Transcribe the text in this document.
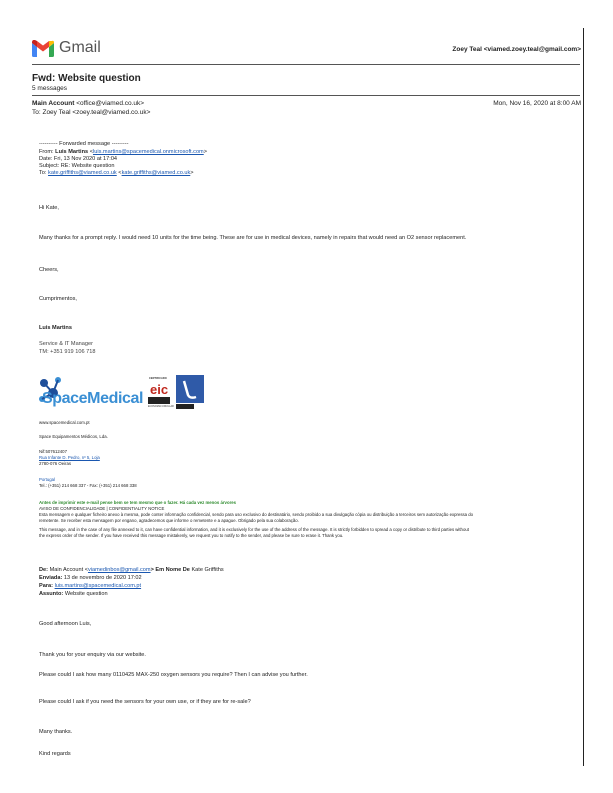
Gmail	Zoey Teal <viamed.zoey.teal@gmail.com>
Fwd: Website question
5 messages
Main Account <office@viamed.co.uk>	Mon, Nov 16, 2020 at 8:00 AM
To: Zoey Teal <zoey.teal@viamed.co.uk>
---------- Forwarded message ---------
From: Luis Martins <luis.martins@spacemedical.onmicrosoft.com>
Date: Fri, 13 Nov 2020 at 17:04
Subject: RE: Website question
To: kate.griffiths@viamed.co.uk <kate.griffiths@viamed.co.uk>
Hi Kate,
Many thanks for a prompt reply. I would need 10 units for the time being. These are for use in medical devices, namely in repairs that would need an O2 sensor replacement.
Cheers,
Cumprimentos,
Luis Martins
Service & IT Manager
TM: +351 919 106 718
SpaceMedical
CERTIFICADO
eic
ECONOMIA CIRCULAR
www.spacemedical.com.pt
Space Equipamentos Médicos, Lda.
Nif:507612407
Rua Infante D. Pedro, nº 5, Loja
2780-076 Oeiras
Portugal
Tel.: (+351) 214 668 337 - Fax: (+351) 214 668 338
Antes de imprimir este e-mail pense bem se tem mesmo que o fazer. Há cada vez menos árvores
AVISO DE CONFIDENCIALIDADE | CONFIDENTIALITY NOTICE
Esta mensagem e qualquer ficheiro anexo à mesma, pode conter informação confidencial, sendo para uso exclusivo do destinatário, sendo proibido a sua divulgação cópia ou distribuição a terceiros sem autorização expressa do
remetente. Se receber esta mensagem por engano, agradecemos que informe o remetente e a apague. Obrigado pela sua colaboração.
This message, and in the case of any file annexed to it, can have confidential information, and it is exclusively for the use of the address of the message. It is strictly forbidden to spread a copy or distribute to third parties without
the express order of the sender. If you have received this message mistakenly, we request you to notify to the sender, and please be sure to erase it. Thank you.
De: Main Account <viamedinbox@gmail.com> Em Nome De Kate Griffiths
Enviada: 13 de novembro de 2020 17:02
Para: luis.martins@spacemedical.com.pt
Assunto: Website question
Good afternoon Luis,
Thank you for your enquiry via our website.
Please could I ask how many 0110425 MAX-250 oxygen sensors you require? Then I can advise you further.
Please could I ask if you need the sensors for your own use, or if they are for re-sale?
Many thanks.
Kind regards
